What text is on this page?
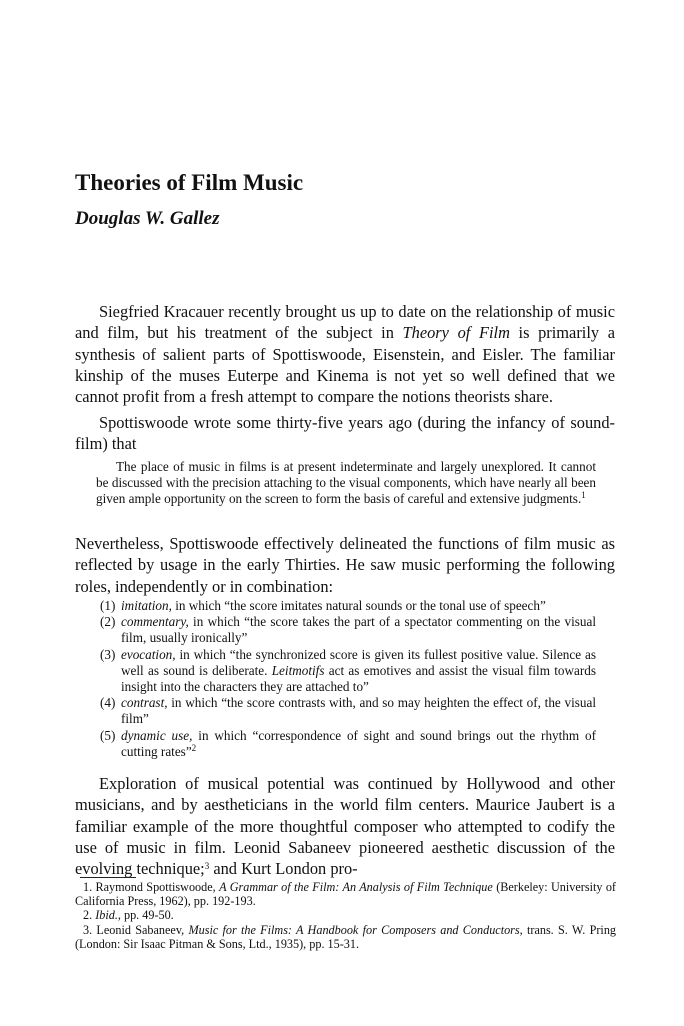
Theories of Film Music
Douglas W. Gallez

Siegfried Kracauer recently brought us up to date on the relationship of music and film, but his treatment of the subject in Theory of Film is primarily a synthesis of salient parts of Spottiswoode, Eisenstein, and Eisler. The familiar kinship of the muses Euterpe and Kinema is not yet so well defined that we cannot profit from a fresh attempt to compare the notions theorists share.

Spottiswoode wrote some thirty-five years ago (during the infancy of sound-film) that

The place of music in films is at present indeterminate and largely unexplored. It cannot be discussed with the precision attaching to the visual components, which have nearly all been given ample opportunity on the screen to form the basis of careful and extensive judgments.$^1$

Nevertheless, Spottiswoode effectively delineated the functions of film music as reflected by usage in the early Thirties. He saw music performing the following roles, independently or in combination:

(1) imitation, in which “the score imitates natural sounds or the tonal use of speech”
(2) commentary, in which “the score takes the part of a spectator commenting on the visual film, usually ironically”
(3) evocation, in which “the synchronized score is given its fullest positive value. Silence as well as sound is deliberate. Leitmotifs act as emotives and assist the visual film towards insight into the characters they are attached to”
(4) contrast, in which “the score contrasts with, and so may heighten the effect of, the visual film”
(5) dynamic use, in which “correspondence of sight and sound brings out the rhythm of cutting rates”$^2$

Exploration of musical potential was continued by Hollywood and other musicians, and by aestheticians in the world film centers. Maurice Jaubert is a familiar example of the more thoughtful composer who attempted to codify the use of music in film. Leonid Sabaneev pioneered aesthetic discussion of the evolving technique;$^3$ and Kurt London pro-

1. Raymond Spottiswoode, A Grammar of the Film: An Analysis of Film Technique (Berkeley: University of California Press, 1962), pp. 192-193.

2. Ibid., pp. 49-50.

3. Leonid Sabaneev, Music for the Films: A Handbook for Composers and Conductors, trans. S. W. Pring (London: Sir Isaac Pitman & Sons, Ltd., 1935), pp. 15-31.
